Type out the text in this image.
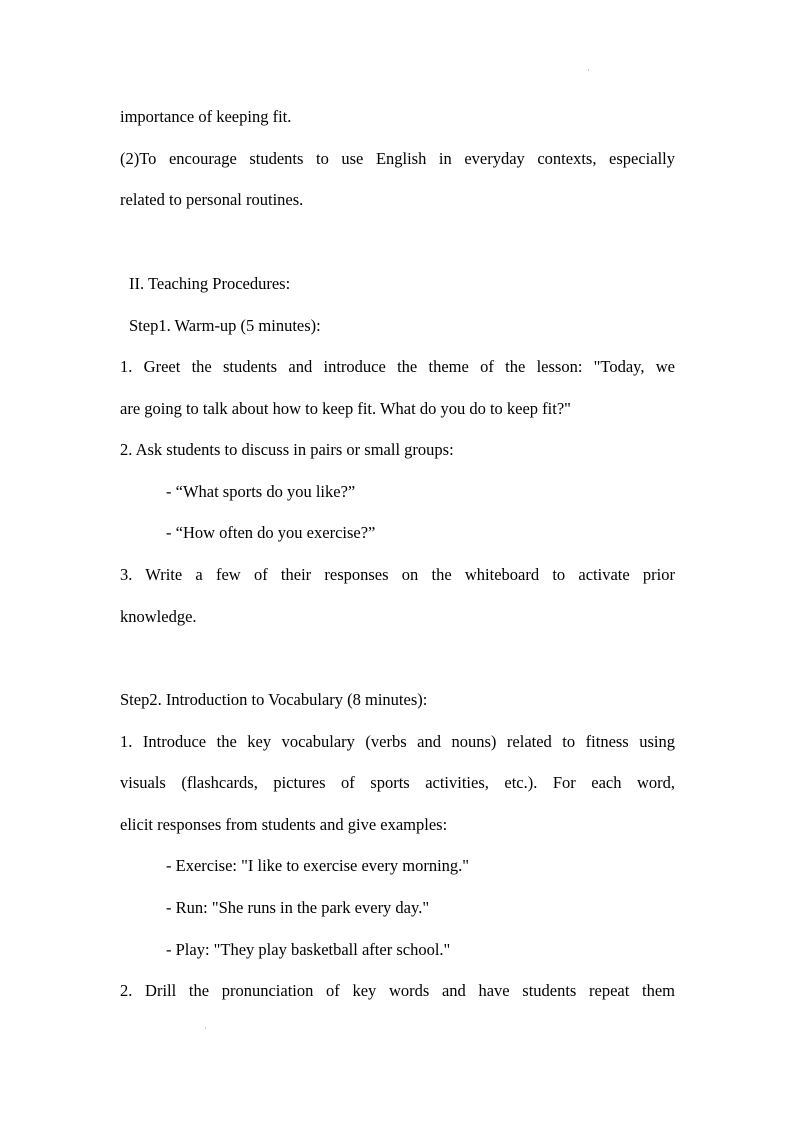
importance of keeping fit.
(2)To encourage students to use English in everyday contexts, especially
related to personal routines.
II. Teaching Procedures:
Step1. Warm-up (5 minutes):
1. Greet the students and introduce the theme of the lesson: "Today, we
are going to talk about how to keep fit. What do you do to keep fit?"
2. Ask students to discuss in pairs or small groups:
- “What sports do you like?”
- “How often do you exercise?”
3. Write a few of their responses on the whiteboard to activate prior
knowledge.
Step2. Introduction to Vocabulary (8 minutes):
1. Introduce the key vocabulary (verbs and nouns) related to fitness using
visuals (flashcards, pictures of sports activities, etc.). For each word,
elicit responses from students and give examples:
- Exercise: "I like to exercise every morning."
- Run: "She runs in the park every day."
- Play: "They play basketball after school."
2. Drill the pronunciation of key words and have students repeat them
